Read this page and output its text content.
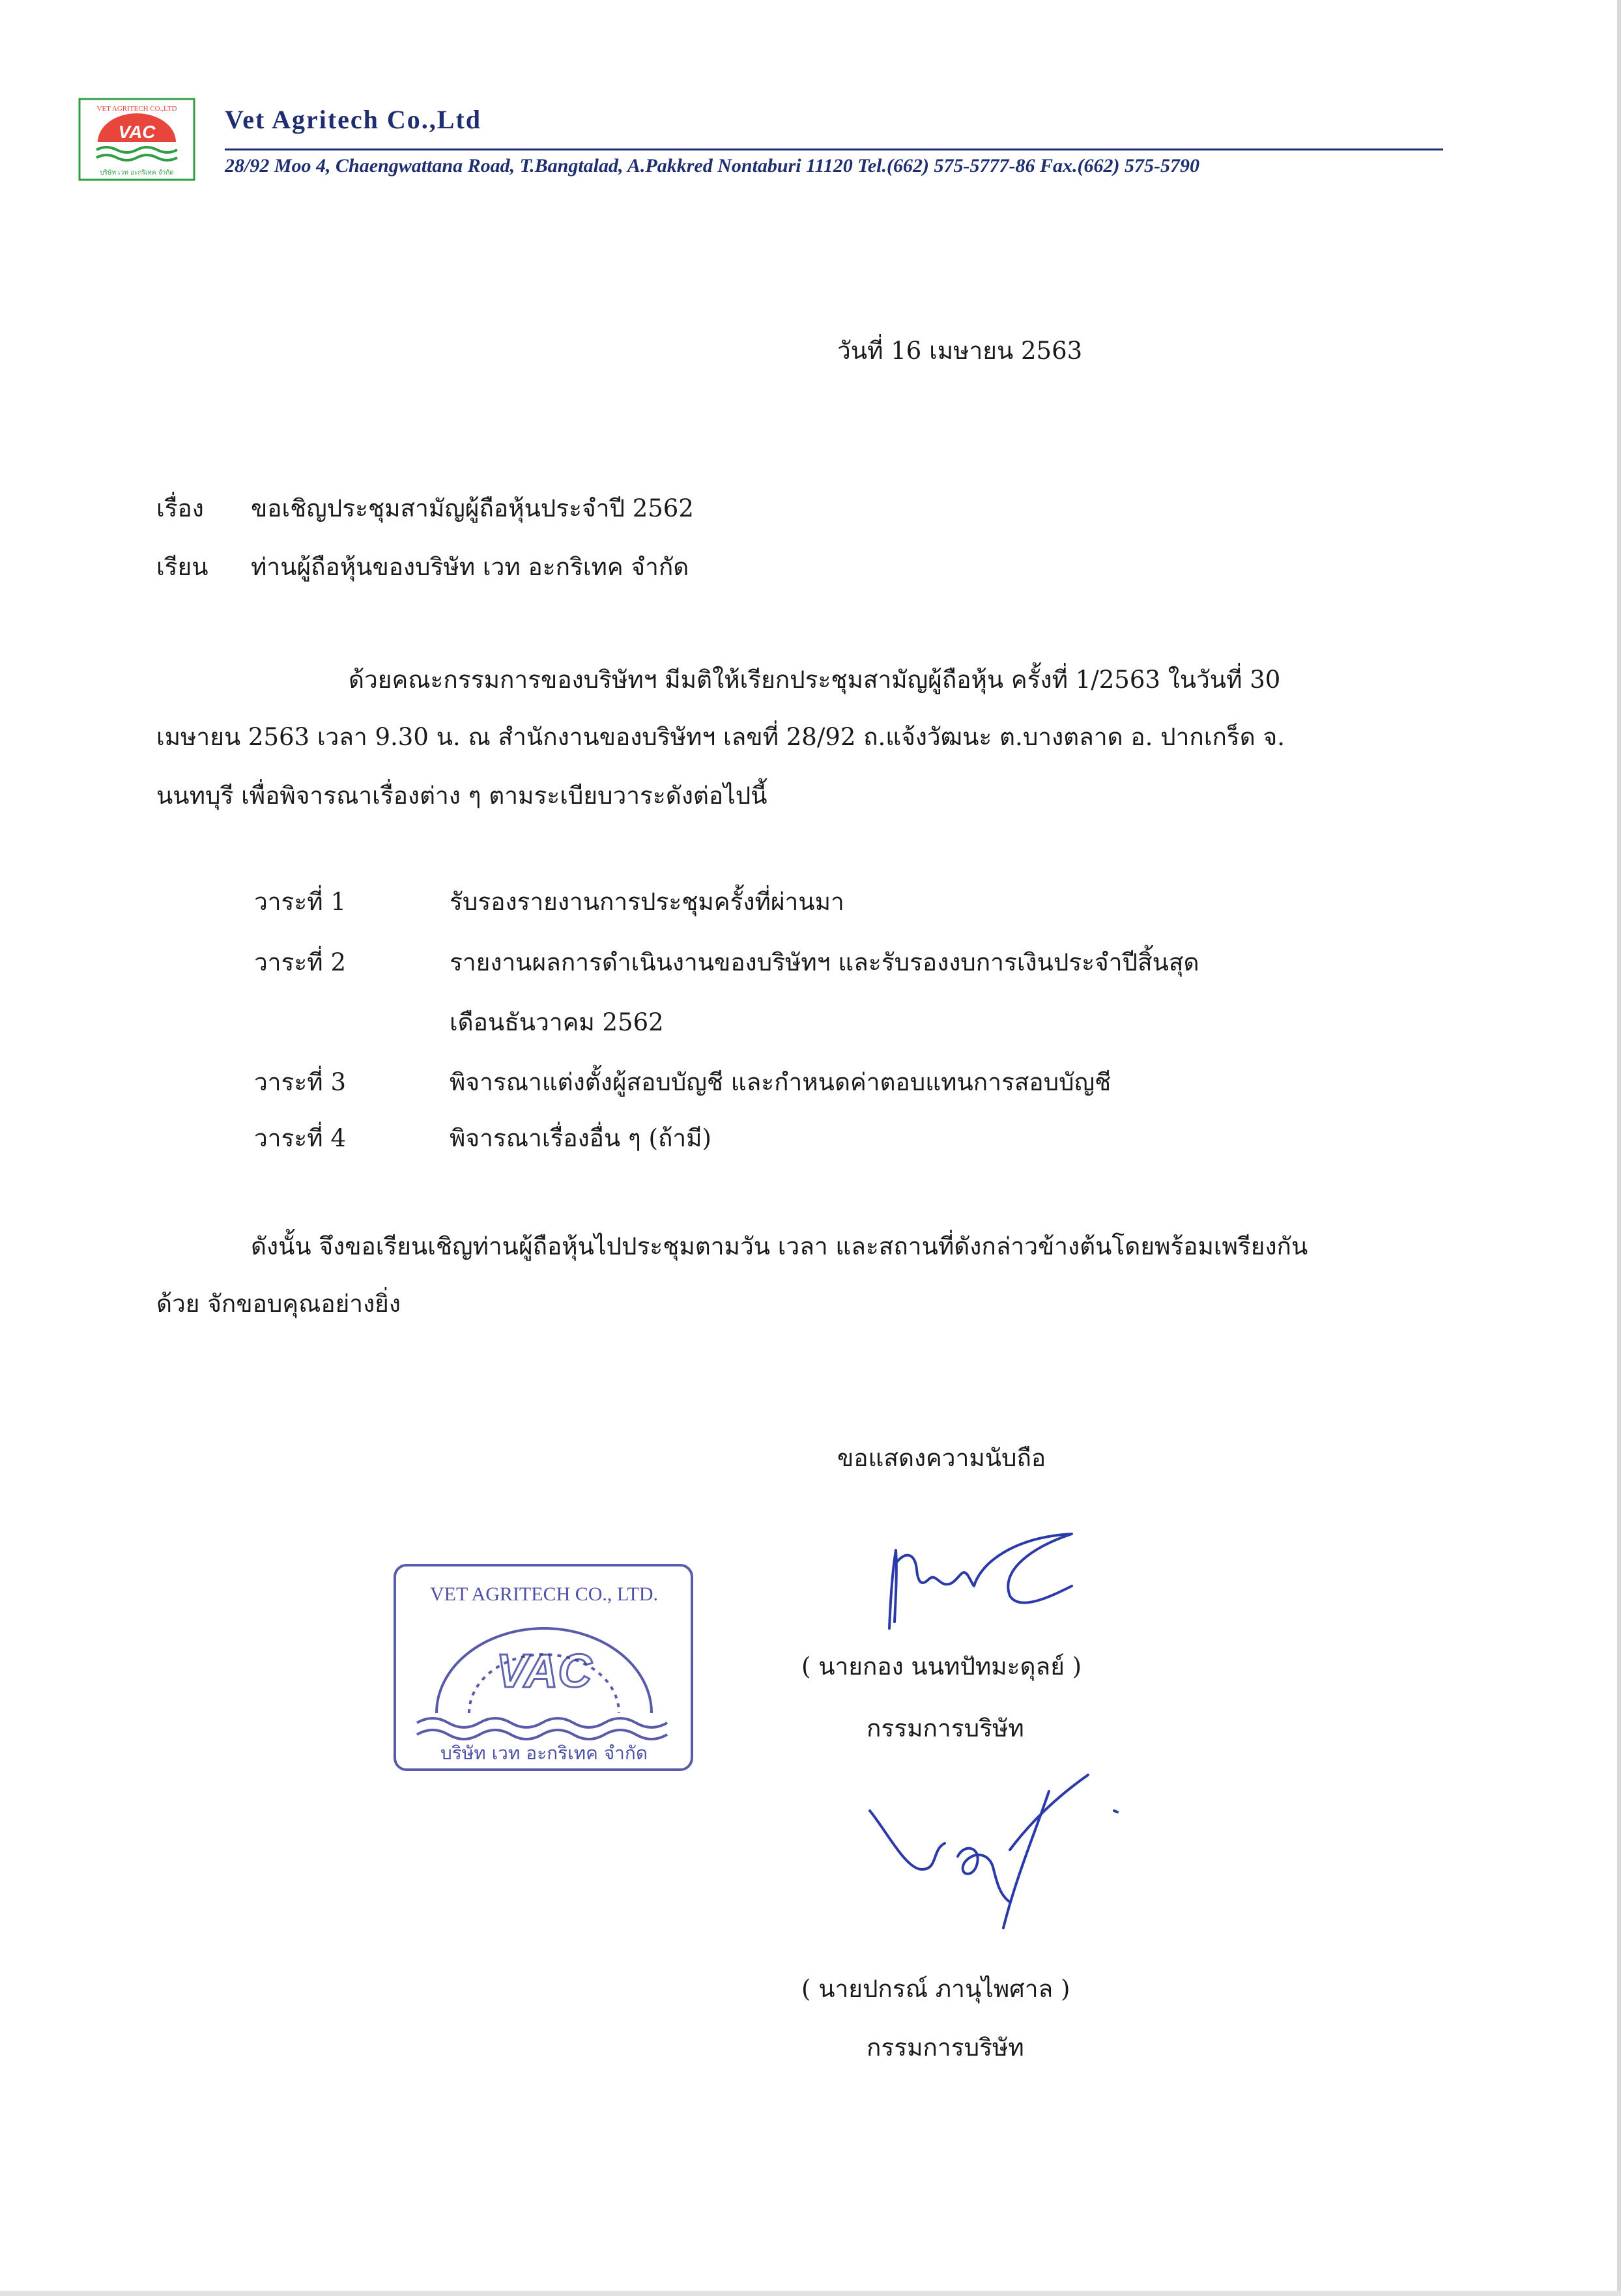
VET AGRITECH CO.,LTD
VAC
บริษัท เวท อะกริเทค จำกัด
Vet Agritech Co.,Ltd
28/92 Moo 4, Chaengwattana Road, T.Bangtalad, A.Pakkred Nontaburi 11120 Tel.(662) 575-5777-86 Fax.(662) 575-5790
วันที่ 16 เมษายน 2563
เรื่อง ขอเชิญประชุมสามัญผู้ถือหุ้นประจำปี 2562
เรียน ท่านผู้ถือหุ้นของบริษัท เวท อะกริเทค จำกัด
ด้วยคณะกรรมการของบริษัทฯ มีมติให้เรียกประชุมสามัญผู้ถือหุ้น ครั้งที่ 1/2563 ในวันที่ 30
เมษายน 2563 เวลา 9.30 น. ณ สำนักงานของบริษัทฯ เลขที่ 28/92 ถ.แจ้งวัฒนะ ต.บางตลาด อ. ปากเกร็ด จ.
นนทบุรี เพื่อพิจารณาเรื่องต่าง ๆ ตามระเบียบวาระดังต่อไปนี้
วาระที่ 1	รับรองรายงานการประชุมครั้งที่ผ่านมา
วาระที่ 2	รายงานผลการดำเนินงานของบริษัทฯ และรับรองงบการเงินประจำปีสิ้นสุด
เดือนธันวาคม 2562
วาระที่ 3	พิจารณาแต่งตั้งผู้สอบบัญชี และกำหนดค่าตอบแทนการสอบบัญชี
วาระที่ 4	พิจารณาเรื่องอื่น ๆ (ถ้ามี)
ดังนั้น จึงขอเรียนเชิญท่านผู้ถือหุ้นไปประชุมตามวัน เวลา และสถานที่ดังกล่าวข้างต้นโดยพร้อมเพรียงกัน
ด้วย จักขอบคุณอย่างยิ่ง
ขอแสดงความนับถือ
VET AGRITECH CO., LTD.
VAC
บริษัท เวท อะกริเทค จำกัด
( นายกอง นนทปัทมะดุลย์ )
กรรมการบริษัท
( นายปกรณ์ ภานุไพศาล )
กรรมการบริษัท
